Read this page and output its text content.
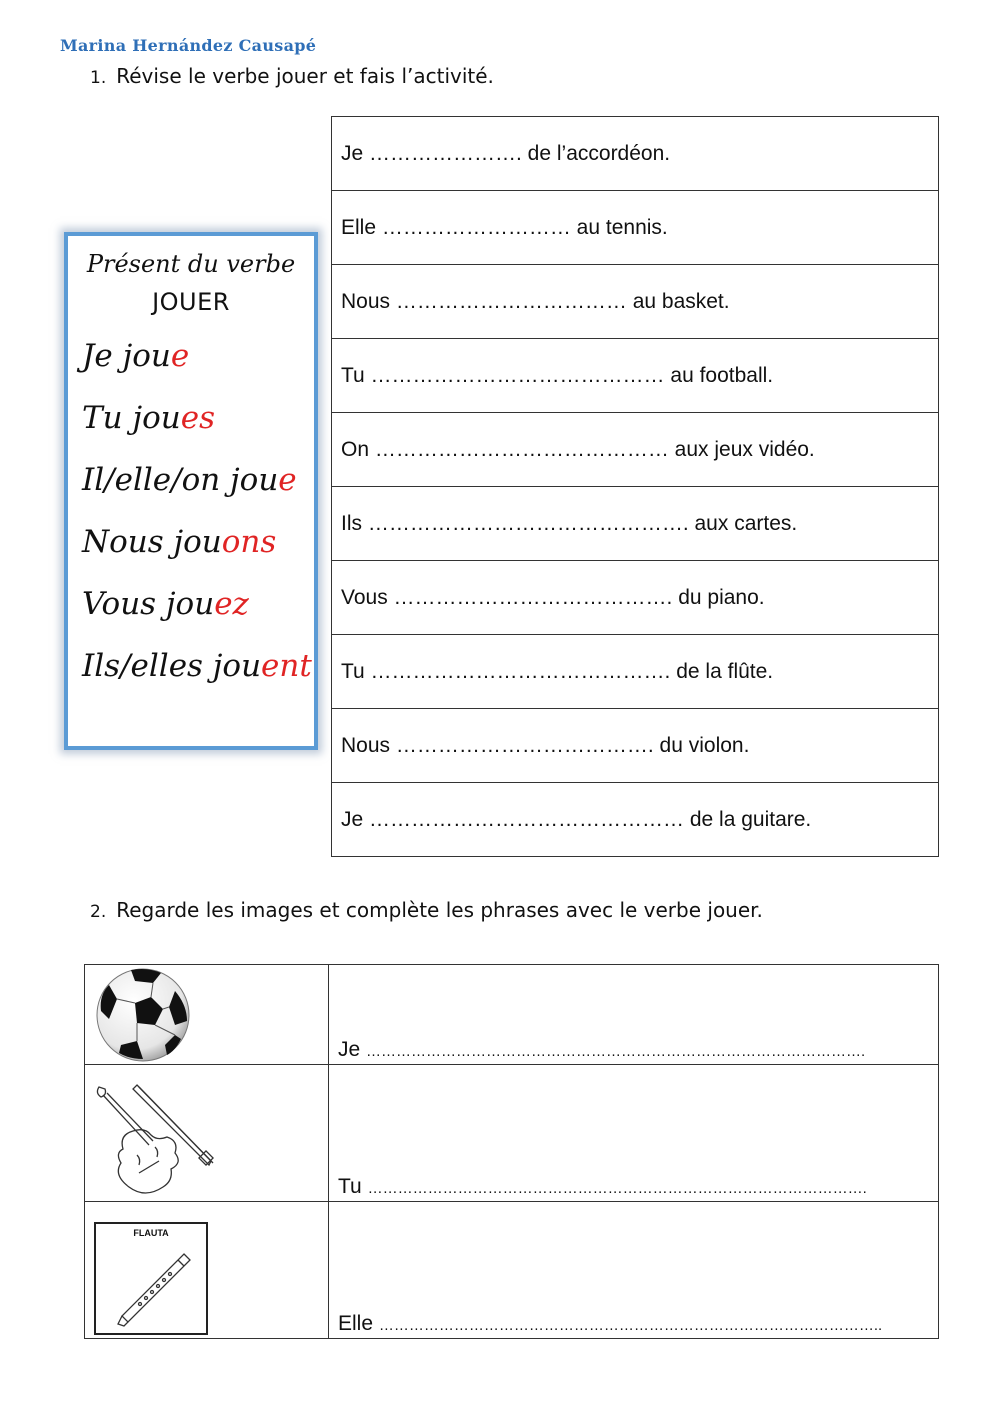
Marina Hernández Causapé
1. Révise le verbe jouer et fais l’activité.
Présent du verbe
JOUER
Je joue
Tu joues
Il/elle/on joue
Nous jouons
Vous jouez
Ils/elles jouent
Je …………………. de l’accordéon.
Elle ……………………… au tennis.
Nous …………………………… au basket.
Tu …………………………………… au football.
On …………………………………… aux jeux vidéo.
Ils ………………………………………. aux cartes.
Vous …………………………………. du piano.
Tu ……………………………………. de la flûte.
Nous ………………………………. du violon.
Je ……………………………………… de la guitare.
2. Regarde les images et complète les phrases avec le verbe jouer.
	Je ……………………………………………………………………………………….

	Tu ……………………………………………………………………………………….

FLAUTA	Elle ………………………………………………………………………………………..
